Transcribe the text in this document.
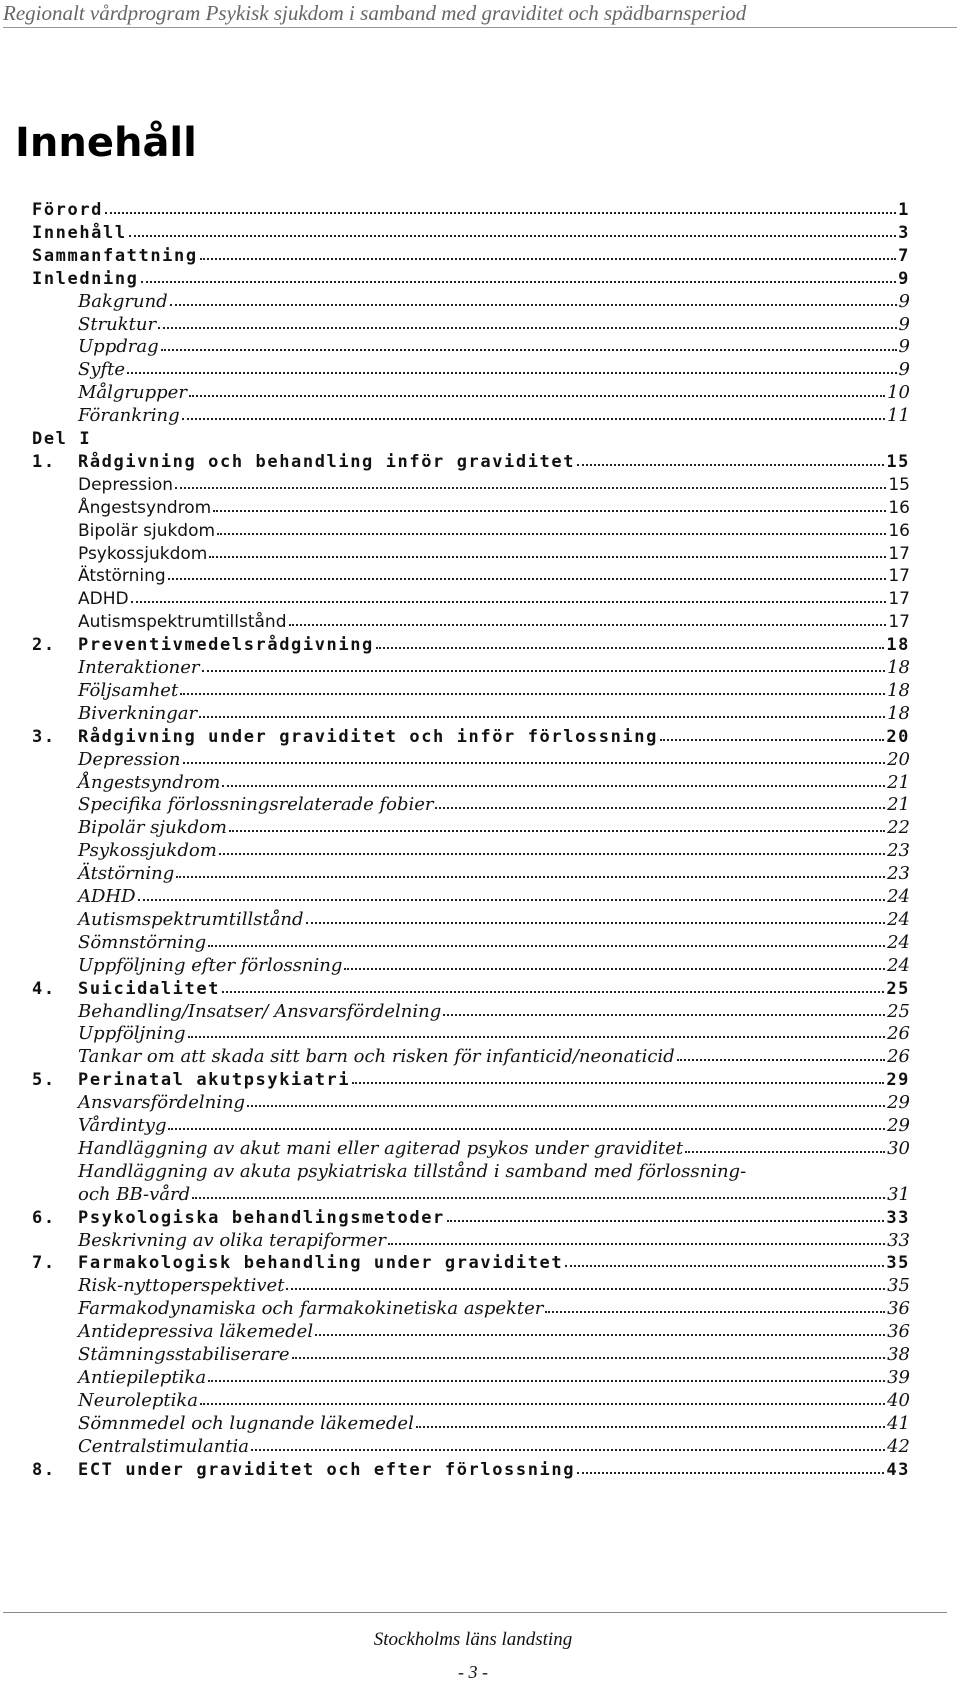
Regionalt vårdprogram Psykisk sjukdom i samband med graviditet och spädbarnsperiod
Innehåll
Förord	1
Innehåll	3
Sammanfattning	7
Inledning	9
Bakgrund	9
Struktur	9
Uppdrag	9
Syfte	9
Målgrupper	10
Förankring	11
Del I
1.	Rådgivning och behandling inför graviditet	15
Depression	15
Ångestsyndrom	16
Bipolär sjukdom	16
Psykossjukdom	17
Ätstörning	17
ADHD	17
Autismspektrumtillstånd	17
2.	Preventivmedelsrådgivning	18
Interaktioner	18
Följsamhet	18
Biverkningar	18
3.	Rådgivning under graviditet och inför förlossning	20
Depression	20
Ångestsyndrom	21
Specifika förlossningsrelaterade fobier	21
Bipolär sjukdom	22
Psykossjukdom	23
Ätstörning	23
ADHD	24
Autismspektrumtillstånd	24
Sömnstörning	24
Uppföljning efter förlossning	24
4.	Suicidalitet	25
Behandling/Insatser/ Ansvarsfördelning	25
Uppföljning	26
Tankar om att skada sitt barn och risken för infanticid/neonaticid	26
5.	Perinatal akutpsykiatri	29
Ansvarsfördelning	29
Vårdintyg	29
Handläggning av akut mani eller agiterad psykos under graviditet	30
Handläggning av akuta psykiatriska tillstånd i samband med förlossning-
och BB-vård	31
6.	Psykologiska behandlingsmetoder	33
Beskrivning av olika terapiformer	33
7.	Farmakologisk behandling under graviditet	35
Risk-nyttoperspektivet	35
Farmakodynamiska och farmakokinetiska aspekter	36
Antidepressiva läkemedel	36
Stämningsstabiliserare	38
Antiepileptika	39
Neuroleptika	40
Sömnmedel och lugnande läkemedel	41
Centralstimulantia	42
8.	ECT under graviditet och efter förlossning	43
Stockholms läns landsting
- 3 -
